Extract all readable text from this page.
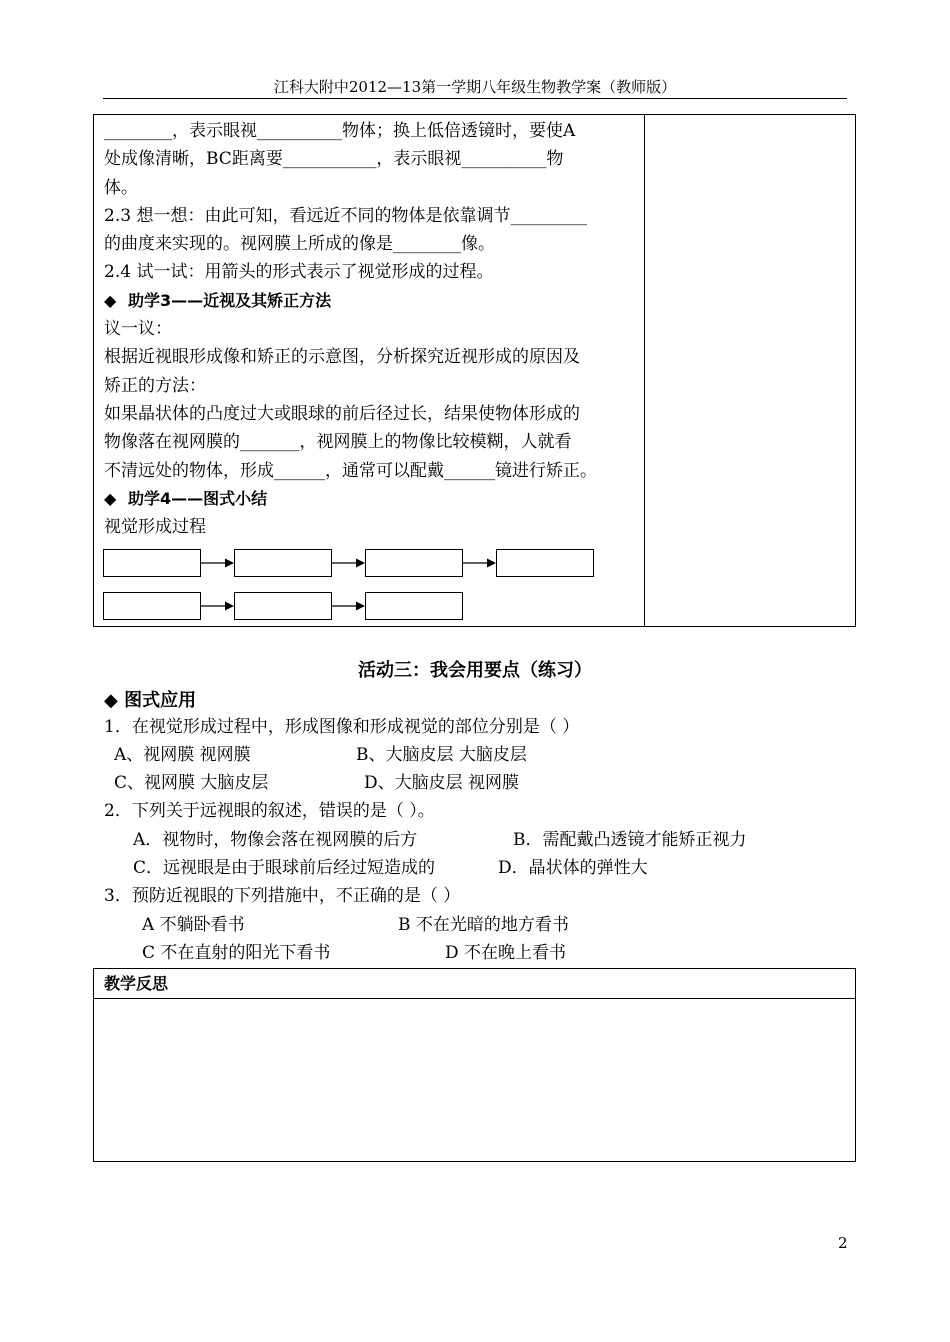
江科大附中2012—13第一学期八年级生物教学案（教师版）
________，表示眼视__________物体；换上低倍透镜时，要使A
处成像清晰，BC距离要___________，表示眼视__________物
体。
2.3 想一想：由此可知，看远近不同的物体是依靠调节_________
的曲度来实现的。视网膜上所成的像是________像。
2.4 试一试：用箭头的形式表示了视觉形成的过程。
◆ 助学3——近视及其矫正方法
议一议：
根据近视眼形成像和矫正的示意图，分析探究近视形成的原因及
矫正的方法：
如果晶状体的凸度过大或眼球的前后径过长，结果使物体形成的
物像落在视网膜的_______，视网膜上的物像比较模糊，人就看
不清远处的物体，形成______，通常可以配戴______镜进行矫正。
◆ 助学4——图式小结
视觉形成过程
活动三：我会用要点（练习）
◆ 图式应用
1．在视觉形成过程中，形成图像和形成视觉的部位分别是（ ）
A、视网膜 视网膜	B、大脑皮层 大脑皮层
C、视网膜 大脑皮层	D、大脑皮层 视网膜
2．下列关于远视眼的叙述，错误的是（ ）。
A．视物时，物像会落在视网膜的后方	B．需配戴凸透镜才能矫正视力
C．远视眼是由于眼球前后经过短造成的	D．晶状体的弹性大
3．预防近视眼的下列措施中，不正确的是（ ）
A 不躺卧看书	B 不在光暗的地方看书
C 不在直射的阳光下看书	D 不在晚上看书
教学反思
2
